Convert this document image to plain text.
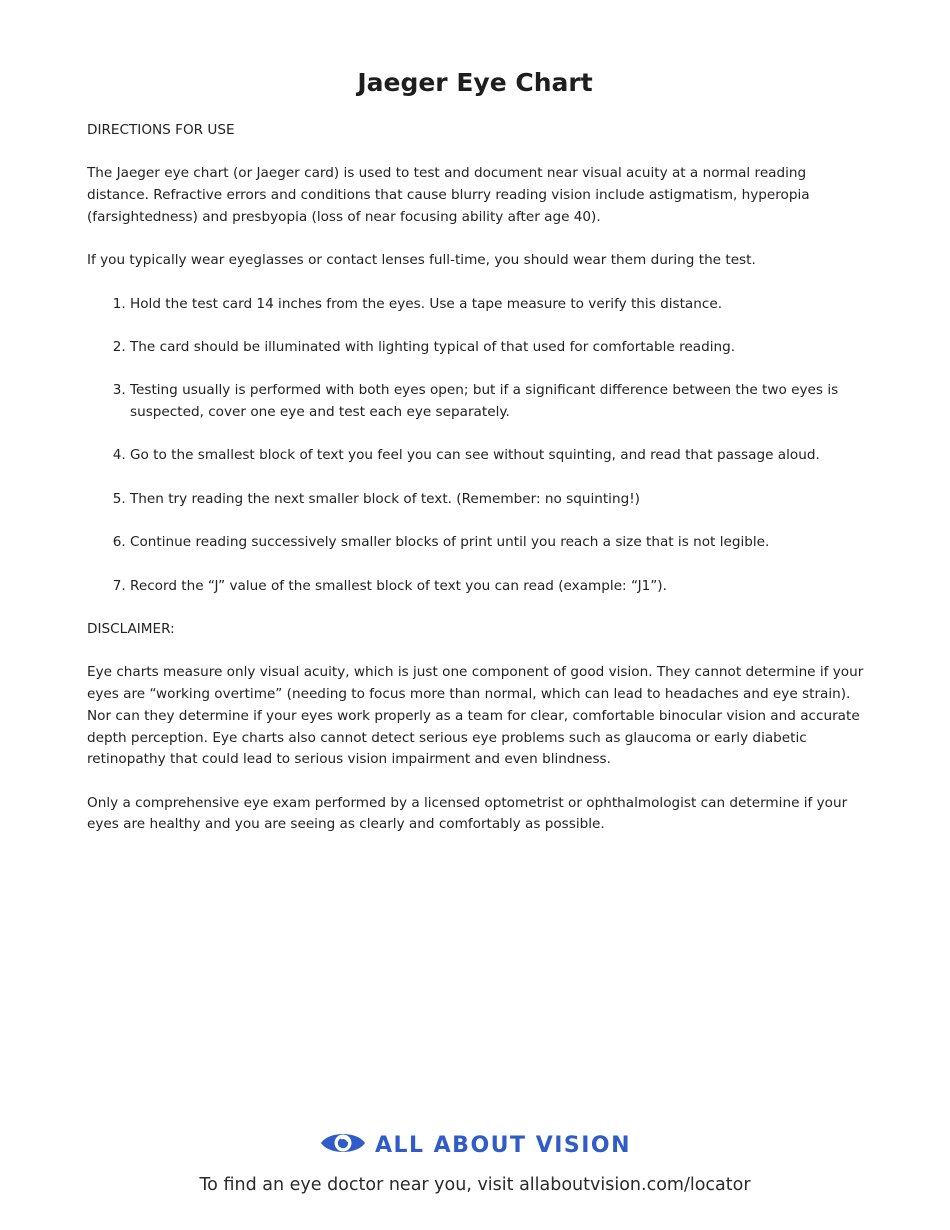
Jaeger Eye Chart

DIRECTIONS FOR USE

The Jaeger eye chart (or Jaeger card) is used to test and document near visual acuity at a normal reading distance. Refractive errors and conditions that cause blurry reading vision include astigmatism, hyperopia (farsightedness) and presbyopia (loss of near focusing ability after age 40).

If you typically wear eyeglasses or contact lenses full-time, you should wear them during the test.

1. Hold the test card 14 inches from the eyes. Use a tape measure to verify this distance.
2. The card should be illuminated with lighting typical of that used for comfortable reading.
3. Testing usually is performed with both eyes open; but if a significant difference between the two eyes is suspected, cover one eye and test each eye separately.
4. Go to the smallest block of text you feel you can see without squinting, and read that passage aloud.
5. Then try reading the next smaller block of text. (Remember: no squinting!)
6. Continue reading successively smaller blocks of print until you reach a size that is not legible.
7. Record the “J” value of the smallest block of text you can read (example: “J1”).

DISCLAIMER:

Eye charts measure only visual acuity, which is just one component of good vision. They cannot determine if your eyes are “working overtime” (needing to focus more than normal, which can lead to headaches and eye strain). Nor can they determine if your eyes work properly as a team for clear, comfortable binocular vision and accurate depth perception. Eye charts also cannot detect serious eye problems such as glaucoma or early diabetic retinopathy that could lead to serious vision impairment and even blindness.

Only a comprehensive eye exam performed by a licensed optometrist or ophthalmologist can determine if your eyes are healthy and you are seeing as clearly and comfortably as possible.

ALL ABOUT VISION
To find an eye doctor near you, visit allaboutvision.com/locator
